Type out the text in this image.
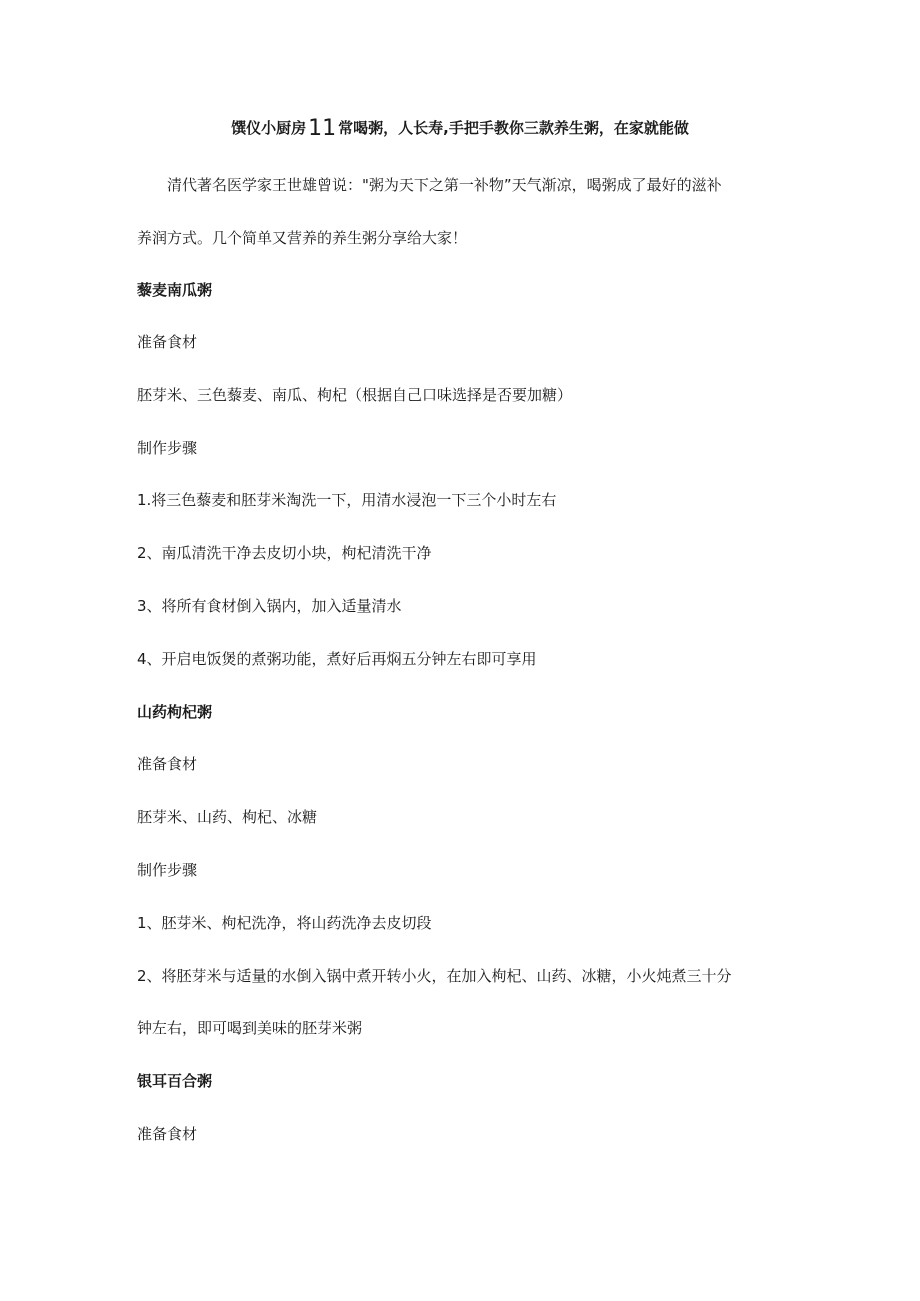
馔仪小厨房11 常喝粥，人长寿,手把手教你三款养生粥，在家就能做
清代著名医学家王世雄曾说："粥为天下之第一补物”天气渐凉，喝粥成了最好的滋补
养润方式。几个简单又营养的养生粥分享给大家！
藜麦南瓜粥
准备食材
胚芽米、三色藜麦、南瓜、枸杞（根据自己口味选择是否要加糖）
制作步骤
1.将三色藜麦和胚芽米淘洗一下，用清水浸泡一下三个小时左右
2、南瓜清洗干净去皮切小块，枸杞清洗干净
3、将所有食材倒入锅内，加入适量清水
4、开启电饭煲的煮粥功能，煮好后再焖五分钟左右即可享用
山药枸杞粥
准备食材
胚芽米、山药、枸杞、冰糖
制作步骤
1、胚芽米、枸杞洗净，将山药洗净去皮切段
2、将胚芽米与适量的水倒入锅中煮开转小火，在加入枸杞、山药、冰糖，小火炖煮三十分
钟左右，即可喝到美味的胚芽米粥
银耳百合粥
准备食材
